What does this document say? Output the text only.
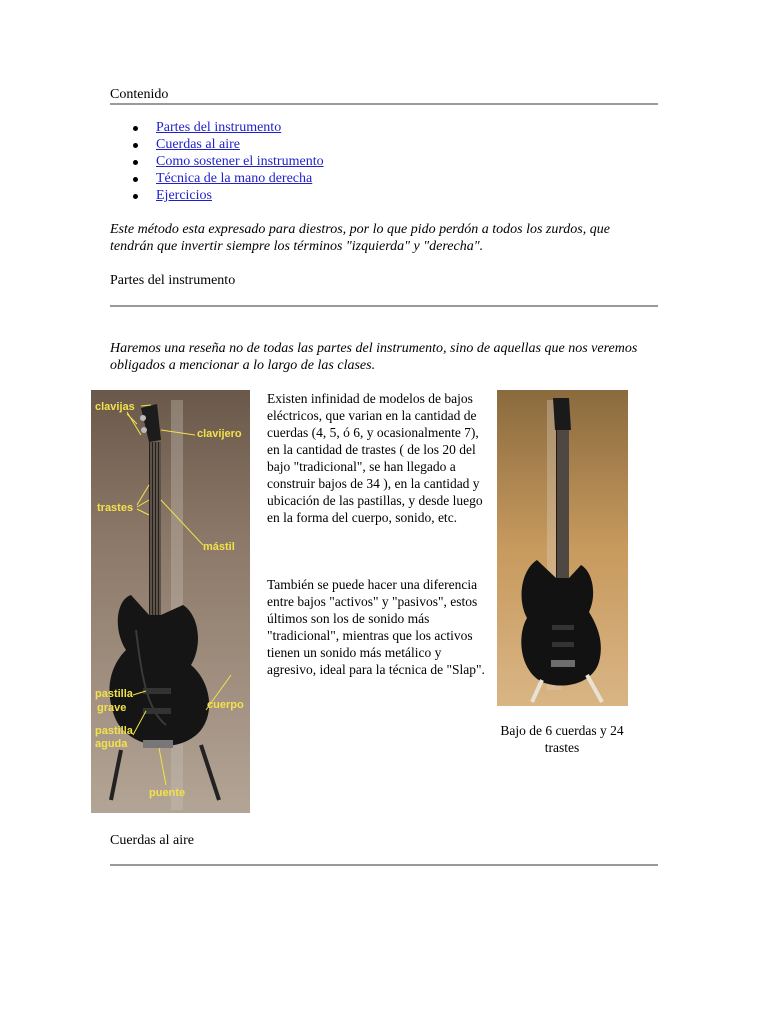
Contenido
Partes del instrumento
Cuerdas al aire
Como sostener el instrumento
Técnica de la mano derecha
Ejercicios
Este método esta expresado para diestros, por lo que pido perdón a todos los zurdos, que tendrán que invertir siempre los términos "izquierda" y "derecha".
Partes del instrumento
Haremos una reseña no de todas las partes del instrumento, sino de aquellas que nos veremos obligados a mencionar a lo largo de las clases.
clavijas
clavijero
trastes
mástil
pastilla
grave	cuerpo
pastilla
aguda
puente
Existen infinidad de modelos de bajos eléctricos, que varian en la cantidad de cuerdas (4, 5, ó 6, y ocasionalmente 7), en la cantidad de trastes ( de los 20 del bajo "tradicional", se han llegado a construir bajos de 34 ), en la cantidad y ubicación de las pastillas, y desde luego en la forma del cuerpo, sonido, etc.
También se puede hacer una diferencia entre bajos "activos" y "pasivos", estos últimos son los de sonido más "tradicional", mientras que los activos tienen un sonido más metálico y agresivo, ideal para la técnica de "Slap".
Bajo de 6 cuerdas y 24 trastes
Cuerdas al aire
